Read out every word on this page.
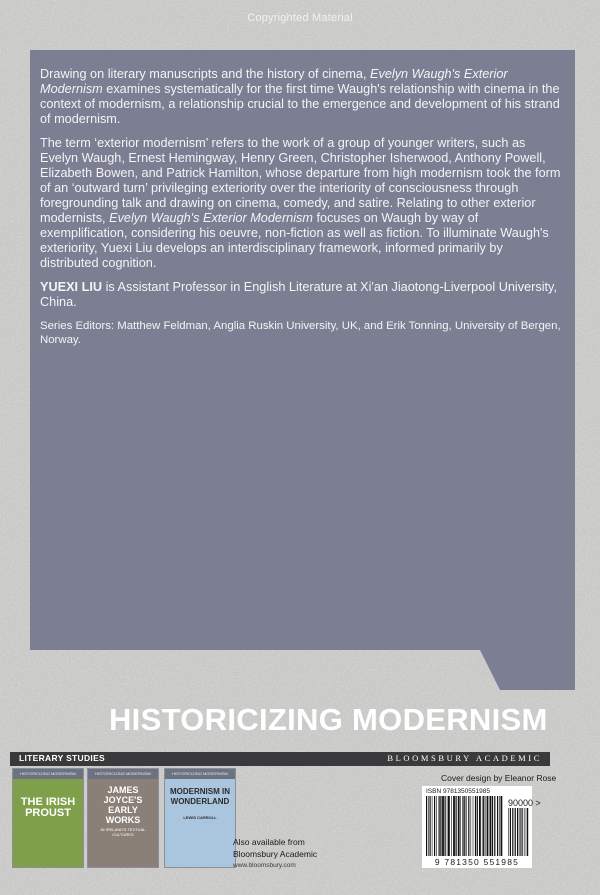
Copyrighted Material

Drawing on literary manuscripts and the history of cinema, Evelyn Waugh's Exterior Modernism examines systematically for the first time Waugh's relationship with cinema in the context of modernism, a relationship crucial to the emergence and development of his strand of modernism.

The term ‘exterior modernism’ refers to the work of a group of younger writers, such as Evelyn Waugh, Ernest Hemingway, Henry Green, Christopher Isherwood, Anthony Powell, Elizabeth Bowen, and Patrick Hamilton, whose departure from high modernism took the form of an ‘outward turn’ privileging exteriority over the interiority of consciousness through foregrounding talk and drawing on cinema, comedy, and satire. Relating to other exterior modernists, Evelyn Waugh's Exterior Modernism focuses on Waugh by way of exemplification, considering his oeuvre, non-fiction as well as fiction. To illuminate Waugh's exteriority, Yuexi Liu develops an interdisciplinary framework, informed primarily by distributed cognition.

YUEXI LIU is Assistant Professor in English Literature at Xi'an Jiaotong-Liverpool University, China.

Series Editors: Matthew Feldman, Anglia Ruskin University, UK, and Erik Tonning, University of Bergen, Norway.

HISTORICIZING MODERNISM
LITERARY STUDIES	BLOOMSBURY ACADEMIC
HISTORICIZING MODERNISM
THE IRISH PROUST
HISTORICIZING MODERNISM
JAMES JOYCE'S EARLY WORKS
IN IRELAND'S TEXTUAL CULTURES
HISTORICIZING MODERNISM
MODERNISM IN WONDERLAND
LEWIS CARROLL
Also available from
Bloomsbury Academic
www.bloomsbury.com
Cover design by Eleanor Rose
ISBN 9781350551985
90000 >
9 781350 551985
